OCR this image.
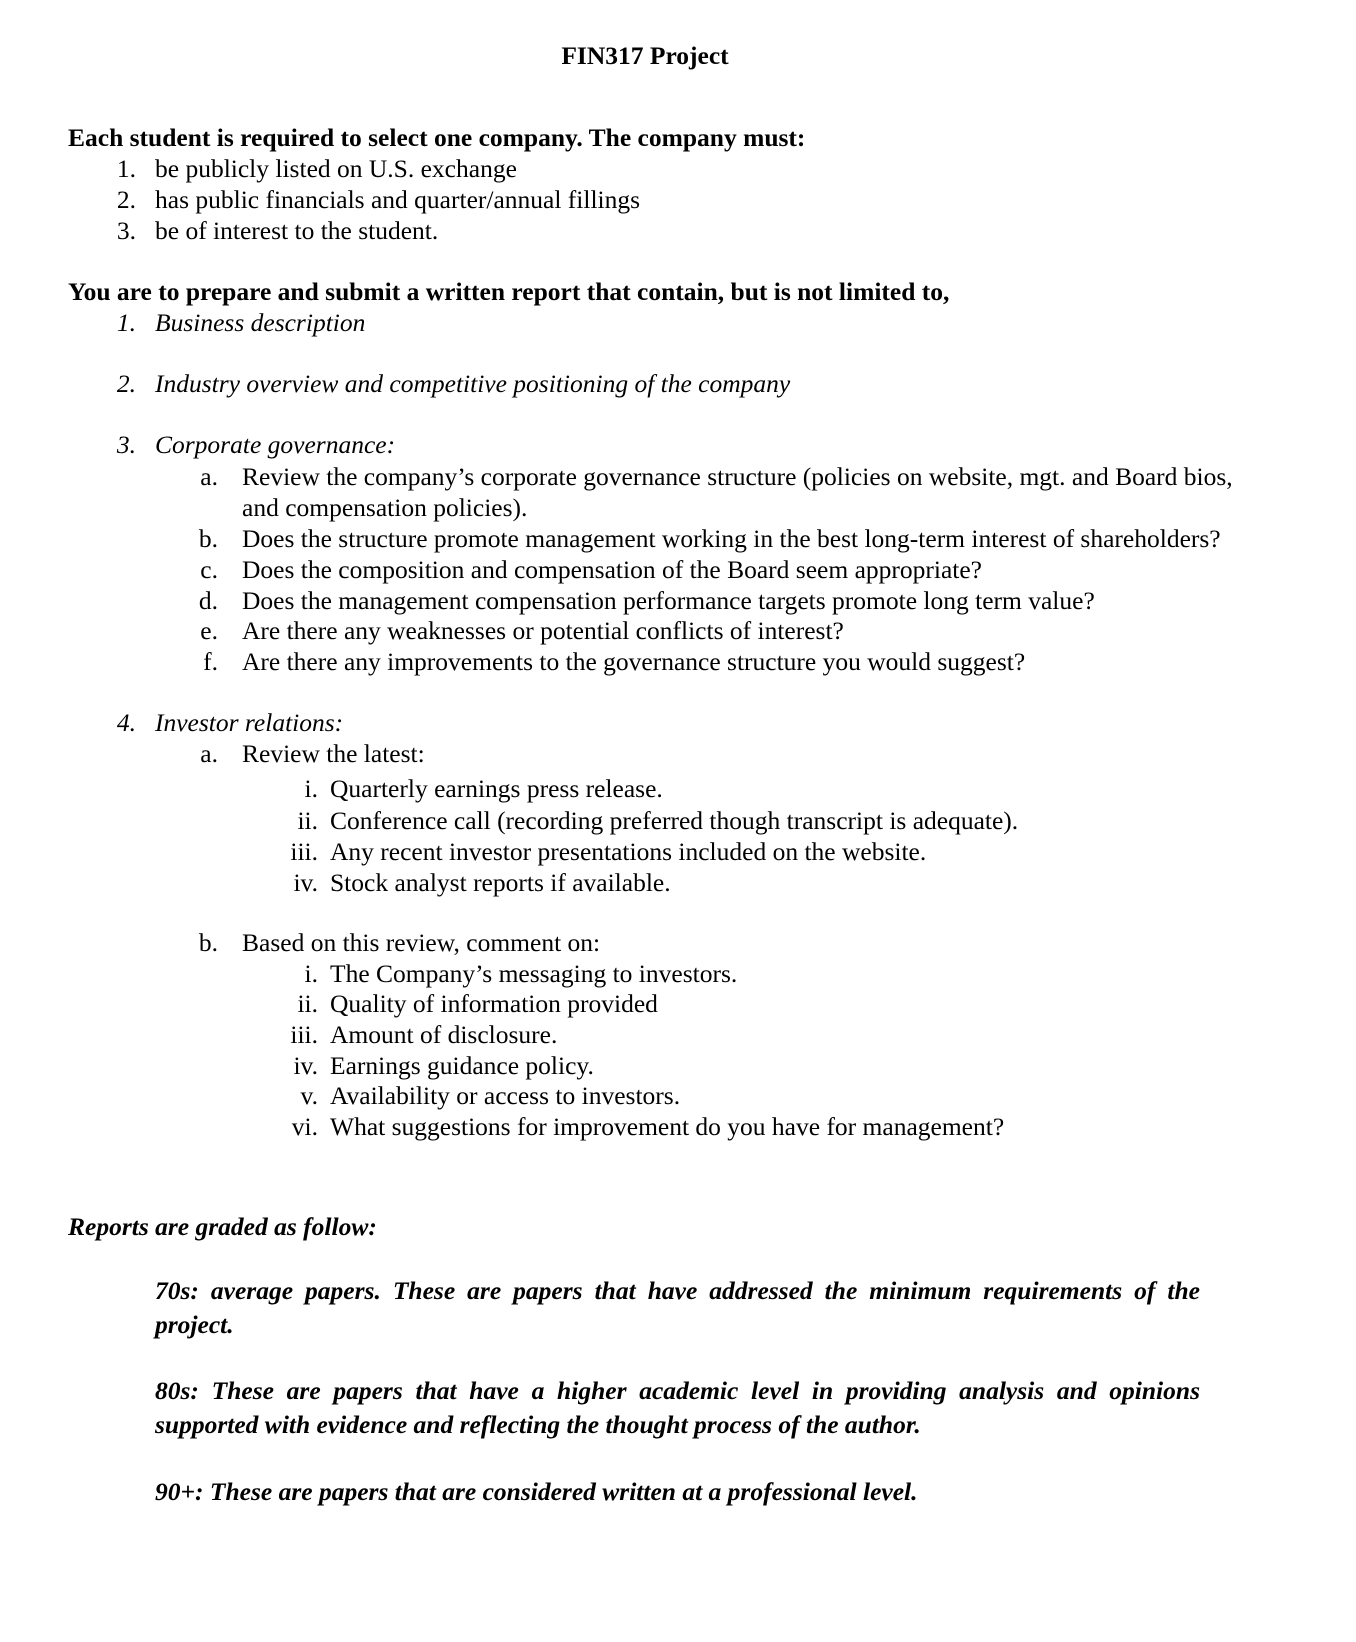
FIN317 Project
Each student is required to select one company. The company must:
1. be publicly listed on U.S. exchange
2. has public financials and quarter/annual fillings
3. be of interest to the student.
You are to prepare and submit a written report that contain, but is not limited to,
1. Business description
2. Industry overview and competitive positioning of the company
3. Corporate governance:
a. Review the company’s corporate governance structure (policies on website, mgt. and Board bios,
and compensation policies).
b. Does the structure promote management working in the best long-term interest of shareholders?
c. Does the composition and compensation of the Board seem appropriate?
d. Does the management compensation performance targets promote long term value?
e. Are there any weaknesses or potential conflicts of interest?
f. Are there any improvements to the governance structure you would suggest?
4. Investor relations:
a. Review the latest:
i. Quarterly earnings press release.
ii. Conference call (recording preferred though transcript is adequate).
iii. Any recent investor presentations included on the website.
iv. Stock analyst reports if available.
b. Based on this review, comment on:
i. The Company’s messaging to investors.
ii. Quality of information provided
iii. Amount of disclosure.
iv. Earnings guidance policy.
v. Availability or access to investors.
vi. What suggestions for improvement do you have for management?
Reports are graded as follow:
70s: average papers. These are papers that have addressed the minimum requirements of the project.
80s: These are papers that have a higher academic level in providing analysis and opinions supported with evidence and reflecting the thought process of the author.
90+: These are papers that are considered written at a professional level.
